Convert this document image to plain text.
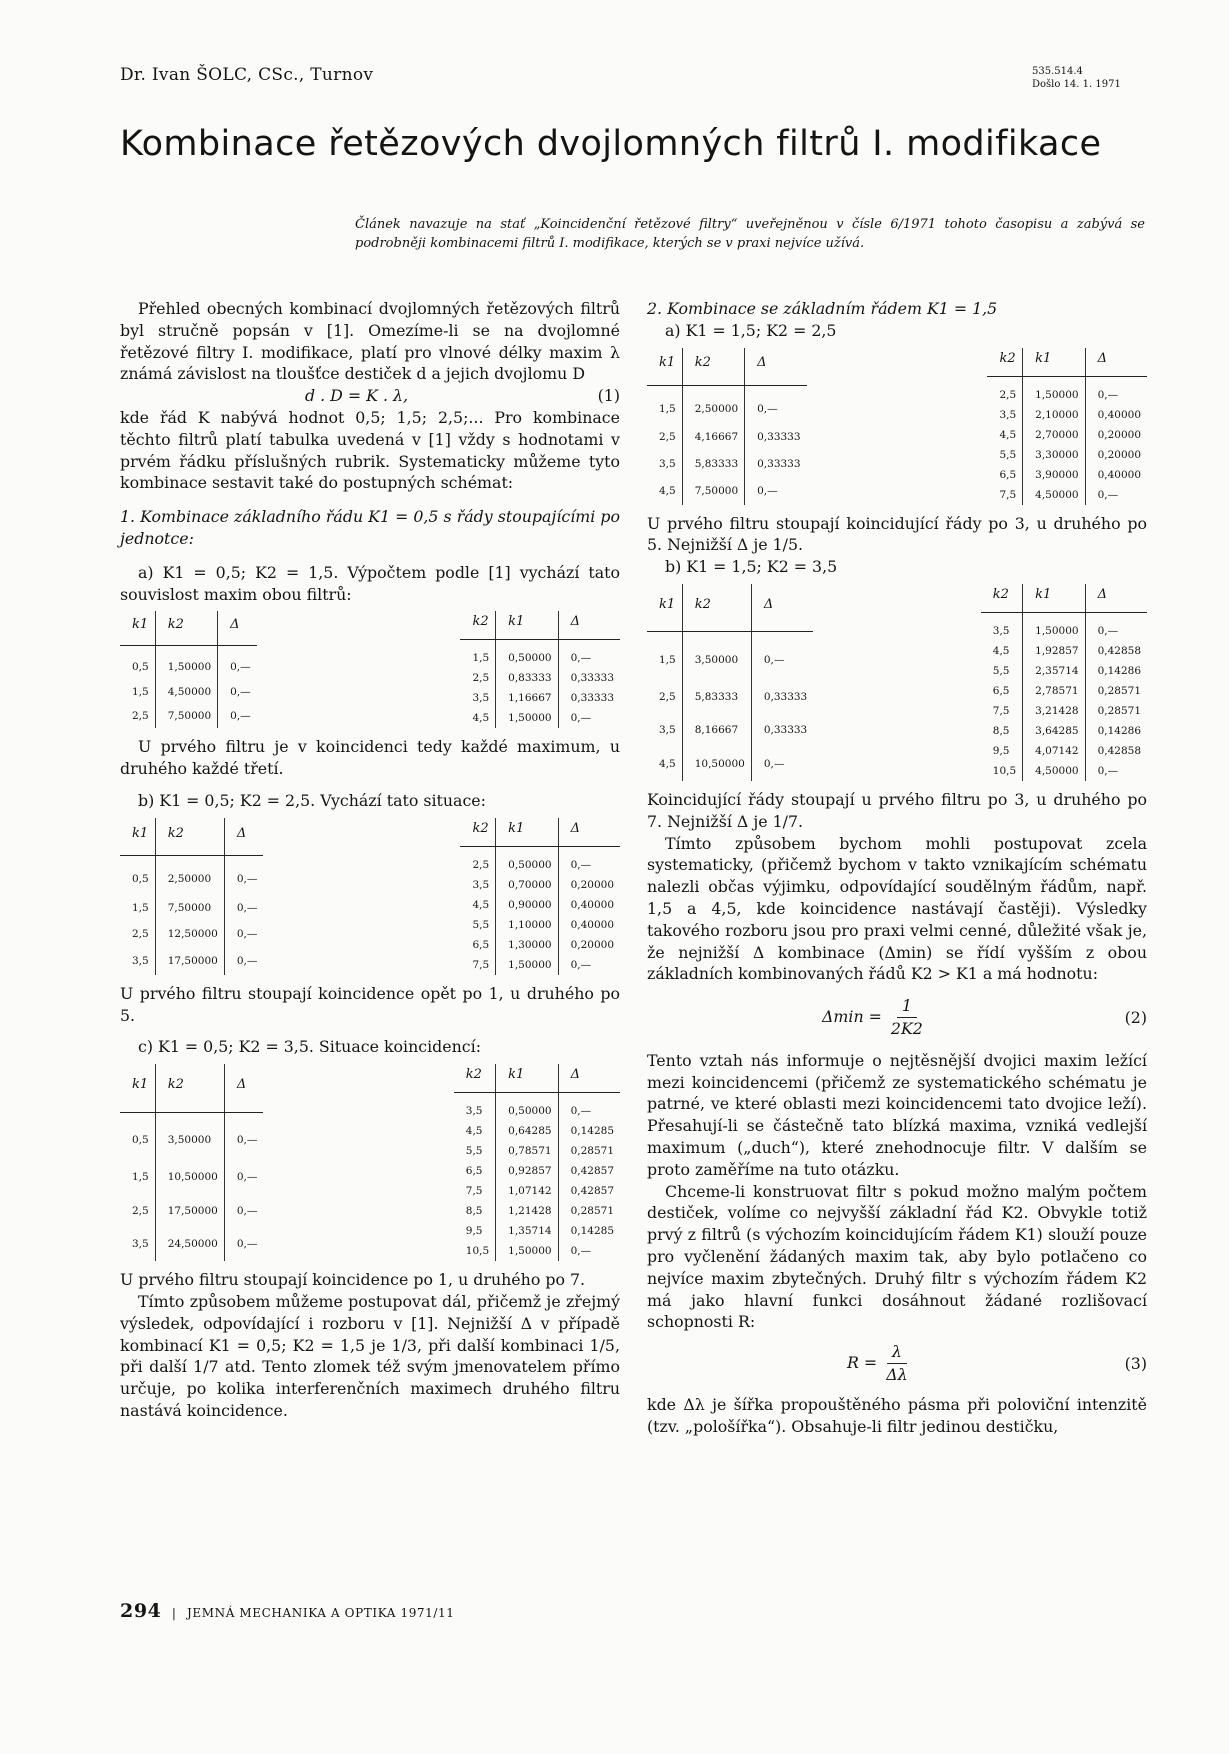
Dr. Ivan ŠOLC, CSc., Turnov	535.514.4
Došlo 14. 1. 1971
Kombinace řetězových dvojlomných filtrů I. modifikace
Článek navazuje na stať „Koincidenční řetězové filtry“ uveřejněnou v čísle 6/1971 tohoto časopisu a zabývá se podrobněji kombinacemi filtrů I. modifikace, kterých se v praxi nejvíce užívá.

Přehled obecných kombinací dvojlomných řetězových filtrů byl stručně popsán v [1]. Omezíme-li se na dvojlomné řetězové filtry I. modifikace, platí pro vlnové délky maxim λ známá závislost na tloušťce destiček d a jejich dvojlomu D

d . D = K . λ,	(1)

kde řád K nabývá hodnot 0,5; 1,5; 2,5;... Pro kombinace těchto filtrů platí tabulka uvedená v [1] vždy s hodnotami v prvém řádku příslušných rubrik. Systematicky můžeme tyto kombinace sestavit také do postupných schémat:

1. Kombinace základního řádu K1 = 0,5 s řády stoupajícími po jednotce:

a) K1 = 0,5; K2 = 1,5. Výpočtem podle [1] vychází tato souvislost maxim obou filtrů:

k1	k2	Δ
0,5	1,50000	0,—
1,5	4,50000	0,—
2,5	7,50000	0,—
k2	k1	Δ
1,5	0,50000	0,—
2,5	0,83333	0,33333
3,5	1,16667	0,33333
4,5	1,50000	0,—

U prvého filtru je v koincidenci tedy každé maximum, u druhého každé třetí.

b) K1 = 0,5; K2 = 2,5. Vychází tato situace:

k1	k2	Δ
0,5	2,50000	0,—
1,5	7,50000	0,—
2,5	12,50000	0,—
3,5	17,50000	0,—
k2	k1	Δ
2,5	0,50000	0,—
3,5	0,70000	0,20000
4,5	0,90000	0,40000
5,5	1,10000	0,40000
6,5	1,30000	0,20000
7,5	1,50000	0,—

U prvého filtru stoupají koincidence opět po 1, u druhého po 5.

c) K1 = 0,5; K2 = 3,5. Situace koincidencí:

k1	k2	Δ
0,5	3,50000	0,—
1,5	10,50000	0,—
2,5	17,50000	0,—
3,5	24,50000	0,—
k2	k1	Δ
3,5	0,50000	0,—
4,5	0,64285	0,14285
5,5	0,78571	0,28571
6,5	0,92857	0,42857
7,5	1,07142	0,42857
8,5	1,21428	0,28571
9,5	1,35714	0,14285
10,5	1,50000	0,—

U prvého filtru stoupají koincidence po 1, u druhého po 7.

Tímto způsobem můžeme postupovat dál, přičemž je zřejmý výsledek, odpovídající i rozboru v [1]. Nejnižší Δ v případě kombinací K1 = 0,5; K2 = 1,5 je 1/3, při další kombinaci 1/5, při další 1/7 atd. Tento zlomek též svým jmenovatelem přímo určuje, po kolika interferenčních maximech druhého filtru nastává koincidence.

2. Kombinace se základním řádem K1 = 1,5

a) K1 = 1,5; K2 = 2,5

k1	k2	Δ
1,5	2,50000	0,—
2,5	4,16667	0,33333
3,5	5,83333	0,33333
4,5	7,50000	0,—
k2	k1	Δ
2,5	1,50000	0,—
3,5	2,10000	0,40000
4,5	2,70000	0,20000
5,5	3,30000	0,20000
6,5	3,90000	0,40000
7,5	4,50000	0,—

U prvého filtru stoupají koincidující řády po 3, u druhého po 5. Nejnižší Δ je 1/5.

b) K1 = 1,5; K2 = 3,5

k1	k2	Δ
1,5	3,50000	0,—
2,5	5,83333	0,33333
3,5	8,16667	0,33333
4,5	10,50000	0,—
k2	k1	Δ
3,5	1,50000	0,—
4,5	1,92857	0,42858
5,5	2,35714	0,14286
6,5	2,78571	0,28571
7,5	3,21428	0,28571
8,5	3,64285	0,14286
9,5	4,07142	0,42858
10,5	4,50000	0,—

Koincidující řády stoupají u prvého filtru po 3, u druhého po 7. Nejnižší Δ je 1/7.

Tímto způsobem bychom mohli postupovat zcela systematicky, (přičemž bychom v takto vznikajícím schématu nalezli občas výjimku, odpovídající soudělným řádům, např. 1,5 a 4,5, kde koincidence nastávají častěji). Výsledky takového rozboru jsou pro praxi velmi cenné, důležité však je, že nejnižší Δ kombinace (Δmin) se řídí vyšším z obou základních kombinovaných řádů K2 > K1 a má hodnotu:

$\Delta\min = \frac{1}{2K2}$	(2)

Tento vztah nás informuje o nejtěsnější dvojici maxim ležící mezi koincidencemi (přičemž ze systematického schématu je patrné, ve které oblasti mezi koincidencemi tato dvojice leží). Přesahují-li se částečně tato blízká maxima, vzniká vedlejší maximum („duch“), které znehodnocuje filtr. V dalším se proto zaměříme na tuto otázku.

Chceme-li konstruovat filtr s pokud možno malým počtem destiček, volíme co nejvyšší základní řád K2. Obvykle totiž prvý z filtrů (s výchozím koincidujícím řádem K1) slouží pouze pro vyčlenění žádaných maxim tak, aby bylo potlačeno co nejvíce maxim zbytečných. Druhý filtr s výchozím řádem K2 má jako hlavní funkci dosáhnout žádané rozlišovací schopnosti R:

$R = \frac{\lambda}{\Delta\lambda}$	(3)

kde Δλ je šířka propouštěného pásma při poloviční intenzitě (tzv. „pološířka“). Obsahuje-li filtr jedinou destičku,

294 | JEMNÁ MECHANIKA A OPTIKA 1971/11
